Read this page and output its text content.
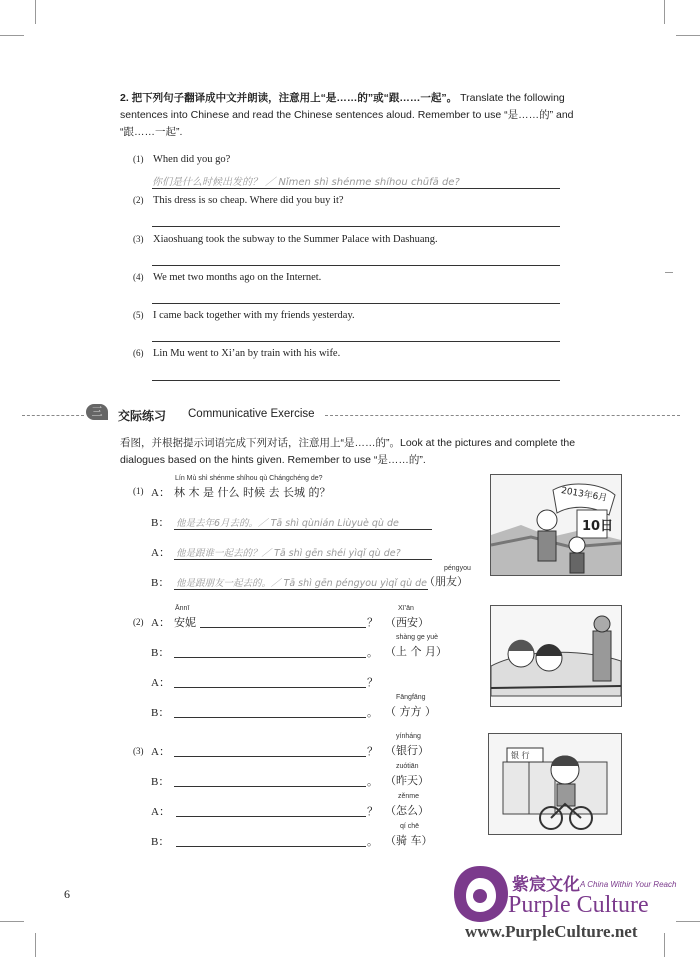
2. 把下列句子翻译成中文并朗读，注意用上“是……的”或“跟……一起”。 Translate the following sentences into Chinese and read the Chinese sentences aloud. Remember to use “是……的” and “跟……一起”.
(1) When did you go?
你们是什么时候出发的？ ／ Nǐmen shì shénme shíhou chūfā de?
(2) This dress is so cheap. Where did you buy it?
(3) Xiaoshuang took the subway to the Summer Palace with Dashuang.
(4) We met two months ago on the Internet.
(5) I came back together with my friends yesterday.
(6) Lin Mu went to Xi’an by train with his wife.
三	交际练习 Communicative Exercise
看图，并根据提示词语完成下列对话，注意用上“是……的”。Look at the pictures and complete the dialogues based on the hints given. Remember to use “是……的”.
(1) A：
Lín Mù shì shénme shíhou qù Chángchéng de?
林 木 是 什么 时候 去 长城 的？
B： 他是去年6月去的。／ Tā shì qùnián Liùyuè qù de
A： 他是跟谁一起去的？／ Tā shì gēn shéi yìqǐ qù de?
B： 他是跟朋友一起去的。／ Tā shì gēn péngyou yìqǐ qù de
péngyou
（朋友）
2013年6月
10日
(2) A：
Ānnī
安妮	？
Xī’ān
（西安）
B：	。
shàng ge yuè
（上 个 月）
A：	？
B：	。
Fāngfāng
（ 方方 ）
(3) A：	？
yínháng
（银行）
B：	。
zuótiān
（昨天）
A：	？
zěnme
（怎么）
B：	。
qí chē
（骑 车）
银 行
6	紫宸文化 A China Within Your Reach
Purple Culture
www.PurpleCulture.net
